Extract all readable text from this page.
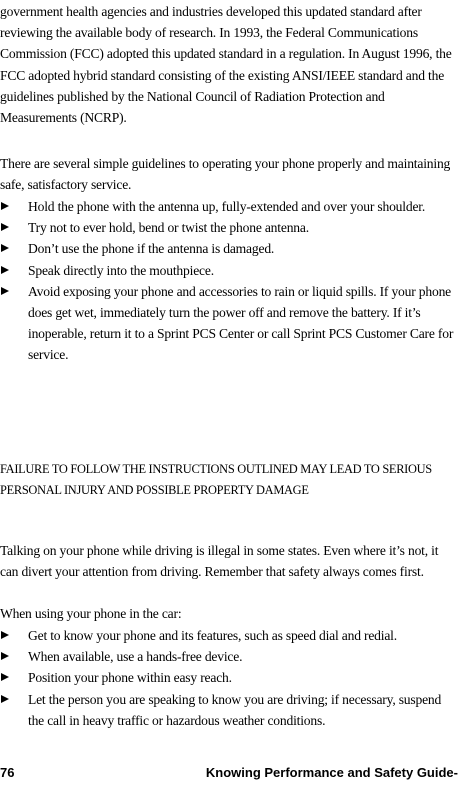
government health agencies and industries developed this updated standard after reviewing the available body of research. In 1993, the Federal Communications Commission (FCC) adopted this updated standard in a regulation. In August 1996, the FCC adopted hybrid standard consisting of the existing ANSI/IEEE standard and the guidelines published by the National Council of Radiation Protection and Measurements (NCRP).
There are several simple guidelines to operating your phone properly and maintaining safe, satisfactory service.
Hold the phone with the antenna up, fully-extended and over your shoulder.
Try not to ever hold, bend or twist the phone antenna.
Don’t use the phone if the antenna is damaged.
Speak directly into the mouthpiece.
Avoid exposing your phone and accessories to rain or liquid spills. If your phone does get wet, immediately turn the power off and remove the battery. If it’s inoperable, return it to a Sprint PCS Center or call Sprint PCS Customer Care for service.
FAILURE TO FOLLOW THE INSTRUCTIONS OUTLINED MAY LEAD TO SERIOUS PERSONAL INJURY AND POSSIBLE PROPERTY DAMAGE
Talking on your phone while driving is illegal in some states. Even where it’s not, it can divert your attention from driving. Remember that safety always comes first.
When using your phone in the car:
Get to know your phone and its features, such as speed dial and redial.
When available, use a hands-free device.
Position your phone within easy reach.
Let the person you are speaking to know you are driving; if necessary, suspend the call in heavy traffic or hazardous weather conditions.
76	Knowing Performance and Safety Guide-
